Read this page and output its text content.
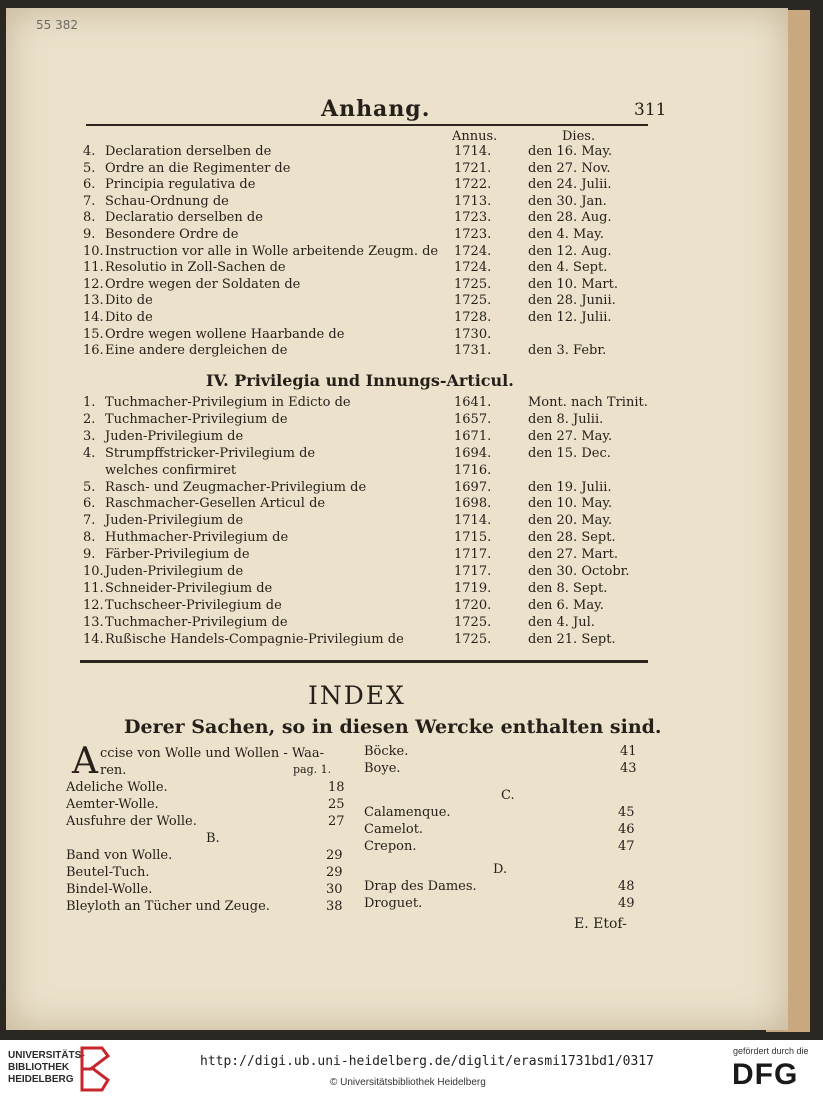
55 382
Anhang.	311
Annus.	Dies.
4. Declaration derselben de	1714.	den 16. May.
5. Ordre an die Regimenter de	1721.	den 27. Nov.
6. Principia regulativa de	1722.	den 24. Julii.
7. Schau-Ordnung de	1713.	den 30. Jan.
8. Declaratio derselben de	1723.	den 28. Aug.
9. Besondere Ordre de	1723.	den 4. May.
10. Instruction vor alle in Wolle arbeitende Zeugm. de 1724.	den 12. Aug.
11. Resolutio in Zoll-Sachen de	1724.	den 4. Sept.
12. Ordre wegen der Soldaten de	1725.	den 10. Mart.
13. Dito de	1725.	den 28. Junii.
14. Dito de	1728.	den 12. Julii.
15. Ordre wegen wollene Haarbande de	1730.
16. Eine andere dergleichen de	1731.	den 3. Febr.
IV. Privilegia und Innungs-Articul.
1. Tuchmacher-Privilegium in Edicto de	1641.	Mont. nach Trinit.
2. Tuchmacher-Privilegium de	1657.	den 8. Julii.
3. Juden-Privilegium de	1671.	den 27. May.
4. Strumpffstricker-Privilegium de	1694.	den 15. Dec.
welches confirmiret	1716.
5. Rasch- und Zeugmacher-Privilegium de	1697.	den 19. Julii.
6. Raschmacher-Gesellen Articul de	1698.	den 10. May.
7. Juden-Privilegium de	1714.	den 20. May.
8. Huthmacher-Privilegium de	1715.	den 28. Sept.
9. Färber-Privilegium de	1717.	den 27. Mart.
10. Juden-Privilegium de	1717.	den 30. Octobr.
11. Schneider-Privilegium de	1719.	den 8. Sept.
12. Tuchscheer-Privilegium de	1720.	den 6. May.
13. Tuchmacher-Privilegium de	1725.	den 4. Jul.
14. Rußische Handels-Compagnie-Privilegium de	1725.	den 21. Sept.
INDEX
Derer Sachen, so in diesen Wercke enthalten sind.
A ccise von Wolle und Wollen - Waa-
ren.	pag. 1.
Adeliche Wolle.	18
Aemter-Wolle.	25
Ausfuhre der Wolle.	27
B.
Band von Wolle.	29
Beutel-Tuch.	29
Bindel-Wolle.	30
Bleyloth an Tücher und Zeuge.	38
Böcke.	41
Boye.	43
C.
Calamenque.	45
Camelot.	46
Crepon.	47
D.
Drap des Dames.	48
Droguet.	49
E. Etof-
UNIVERSITÄTS-
BIBLIOTHEK
HEIDELBERG
http://digi.ub.uni-heidelberg.de/diglit/erasmi1731bd1/0317
© Universitätsbibliothek Heidelberg
gefördert durch die
DFG
